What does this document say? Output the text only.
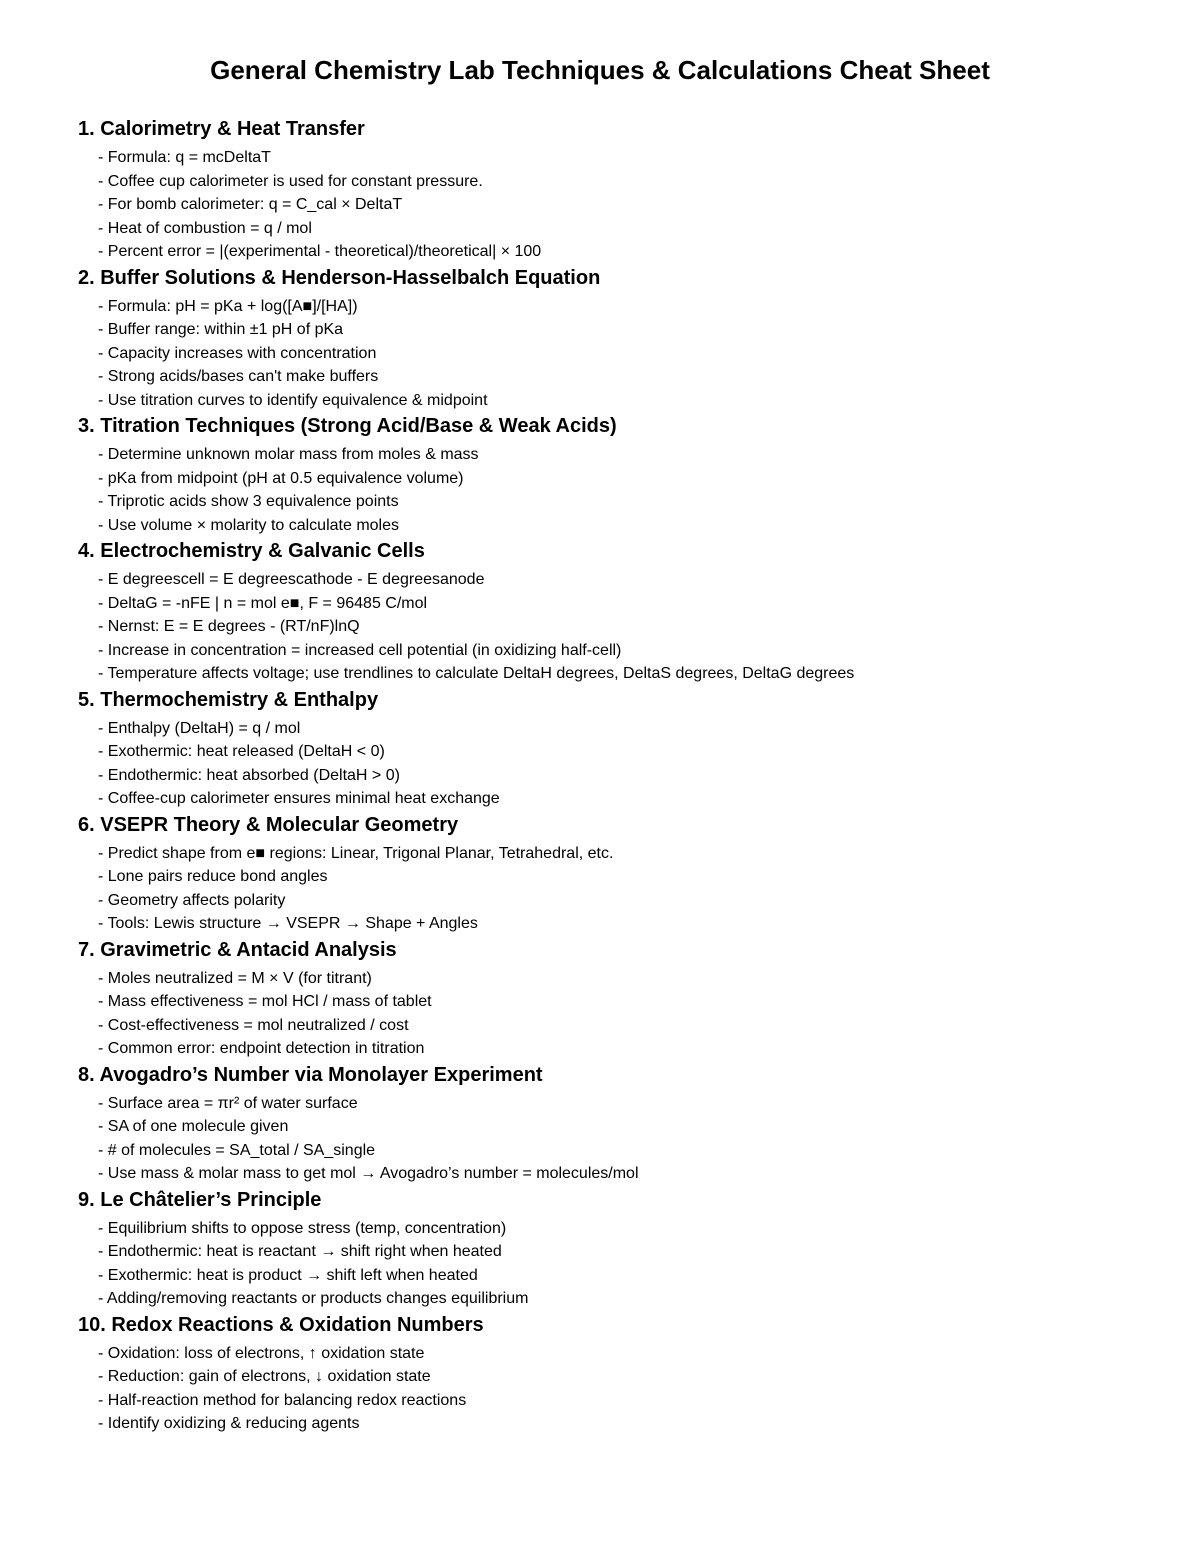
General Chemistry Lab Techniques & Calculations Cheat Sheet
1. Calorimetry & Heat Transfer
- Formula: q = mcDeltaT
- Coffee cup calorimeter is used for constant pressure.
- For bomb calorimeter: q = C_cal × DeltaT
- Heat of combustion = q / mol
- Percent error = |(experimental - theoretical)/theoretical| × 100
2. Buffer Solutions & Henderson-Hasselbalch Equation
- Formula: pH = pKa + log([A■]/[HA])
- Buffer range: within ±1 pH of pKa
- Capacity increases with concentration
- Strong acids/bases can't make buffers
- Use titration curves to identify equivalence & midpoint
3. Titration Techniques (Strong Acid/Base & Weak Acids)
- Determine unknown molar mass from moles & mass
- pKa from midpoint (pH at 0.5 equivalence volume)
- Triprotic acids show 3 equivalence points
- Use volume × molarity to calculate moles
4. Electrochemistry & Galvanic Cells
- E degreescell = E degreescathode - E degreesanode
- DeltaG = -nFE | n = mol e■, F = 96485 C/mol
- Nernst: E = E degrees - (RT/nF)lnQ
- Increase in concentration = increased cell potential (in oxidizing half-cell)
- Temperature affects voltage; use trendlines to calculate DeltaH degrees, DeltaS degrees, DeltaG degrees
5. Thermochemistry & Enthalpy
- Enthalpy (DeltaH) = q / mol
- Exothermic: heat released (DeltaH < 0)
- Endothermic: heat absorbed (DeltaH > 0)
- Coffee-cup calorimeter ensures minimal heat exchange
6. VSEPR Theory & Molecular Geometry
- Predict shape from e■ regions: Linear, Trigonal Planar, Tetrahedral, etc.
- Lone pairs reduce bond angles
- Geometry affects polarity
- Tools: Lewis structure → VSEPR → Shape + Angles
7. Gravimetric & Antacid Analysis
- Moles neutralized = M × V (for titrant)
- Mass effectiveness = mol HCl / mass of tablet
- Cost-effectiveness = mol neutralized / cost
- Common error: endpoint detection in titration
8. Avogadro’s Number via Monolayer Experiment
- Surface area = πr² of water surface
- SA of one molecule given
- # of molecules = SA_total / SA_single
- Use mass & molar mass to get mol → Avogadro’s number = molecules/mol
9. Le Châtelier’s Principle
- Equilibrium shifts to oppose stress (temp, concentration)
- Endothermic: heat is reactant → shift right when heated
- Exothermic: heat is product → shift left when heated
- Adding/removing reactants or products changes equilibrium
10. Redox Reactions & Oxidation Numbers
- Oxidation: loss of electrons, ↑ oxidation state
- Reduction: gain of electrons, ↓ oxidation state
- Half-reaction method for balancing redox reactions
- Identify oxidizing & reducing agents
